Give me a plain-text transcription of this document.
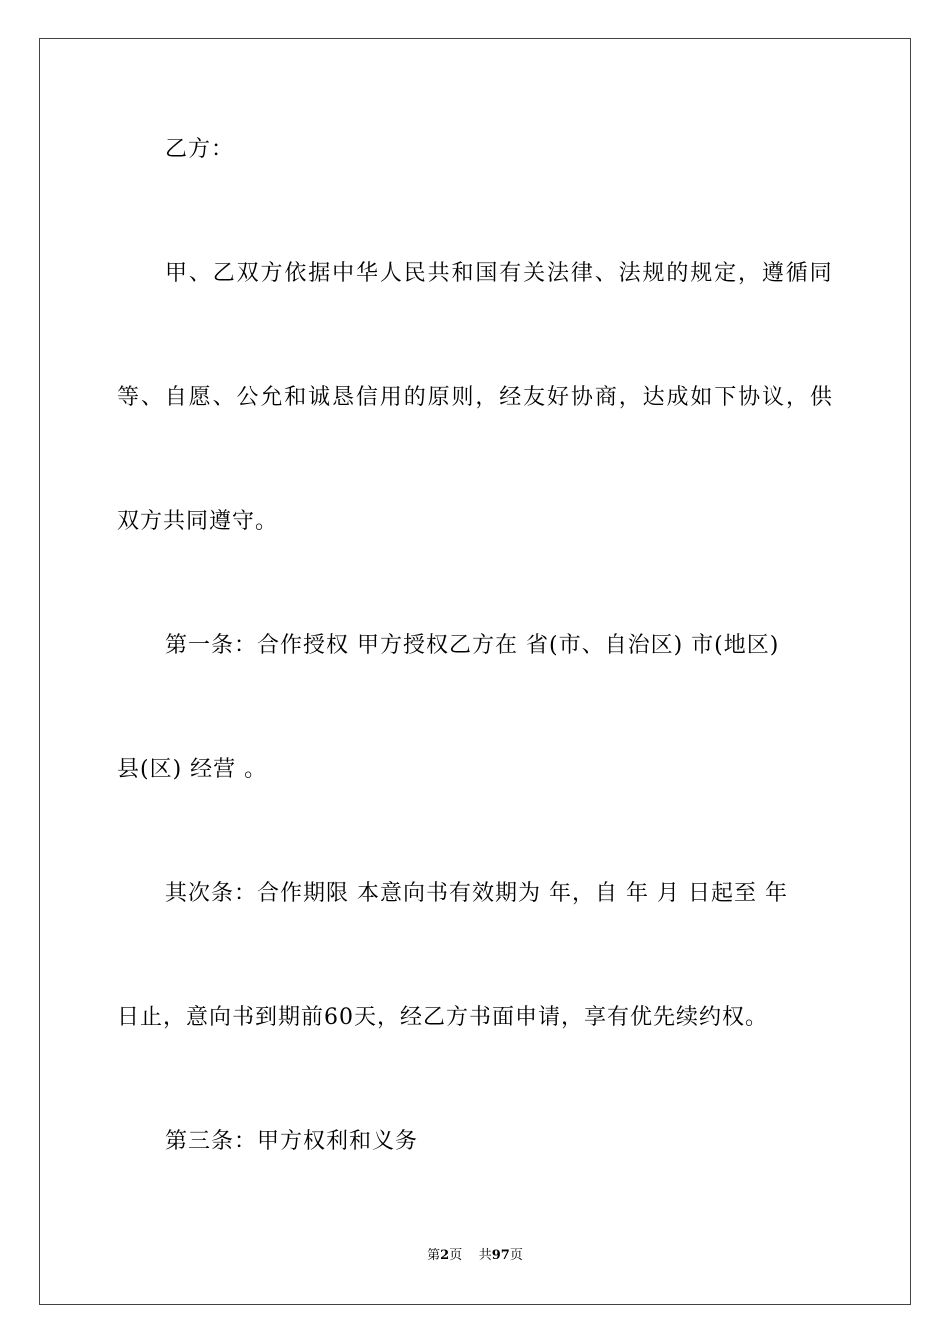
乙方：
甲 、 乙 双 方 依 据 中 华 人 民 共 和 国 有 关 法 律 、 法 规 的 规 定 ， 遵 循 同
等 、 自 愿 、 公 允 和 诚 恳 信 用 的 原 则 ， 经 友 好 协 商 ， 达 成 如 下 协 议 ， 供
双方共同遵守。
第一条：合作授权 甲方授权乙方在 省(市、自治区) 市(地区)
县(区) 经营 。
其次条：合作期限 本意向书有效期为 年，自 年 月 日起至 年
日止，意向书到期前60天，经乙方书面申请，享有优先续约权。
第三条：甲方权利和义务
第2页 共97页
